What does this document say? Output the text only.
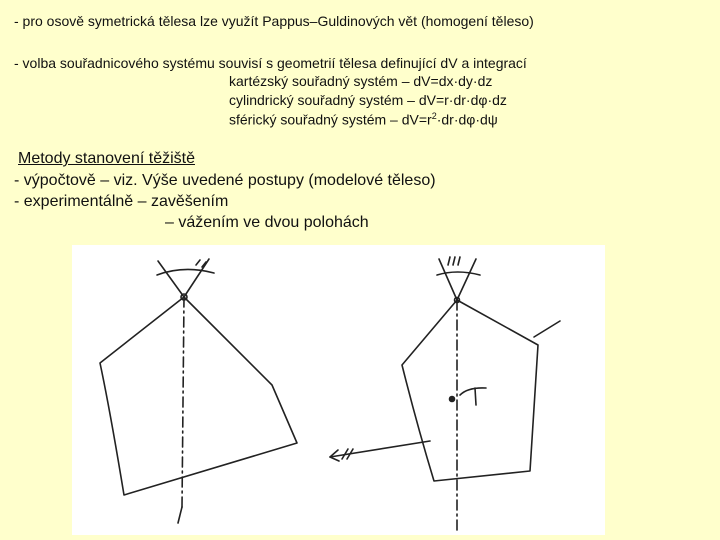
- pro osově symetrická tělesa lze využít Pappus–Guldinových vět (homogení těleso)
- volba souřadnicového systému souvisí s geometrií tělesa definující dV a integrací
kartézský souřadný systém – dV=dx·dy·dz
cylindrický souřadný systém – dV=r·dr·dφ·dz
sférický souřadný systém – $dV=r^2\cdot dr\cdot d\varphi\cdot d\psi$
Metody stanovení těžiště
- výpočtově – viz. Výše uvedené postupy (modelové těleso)
- experimentálně – zavěšením
– vážením ve dvou polohách
